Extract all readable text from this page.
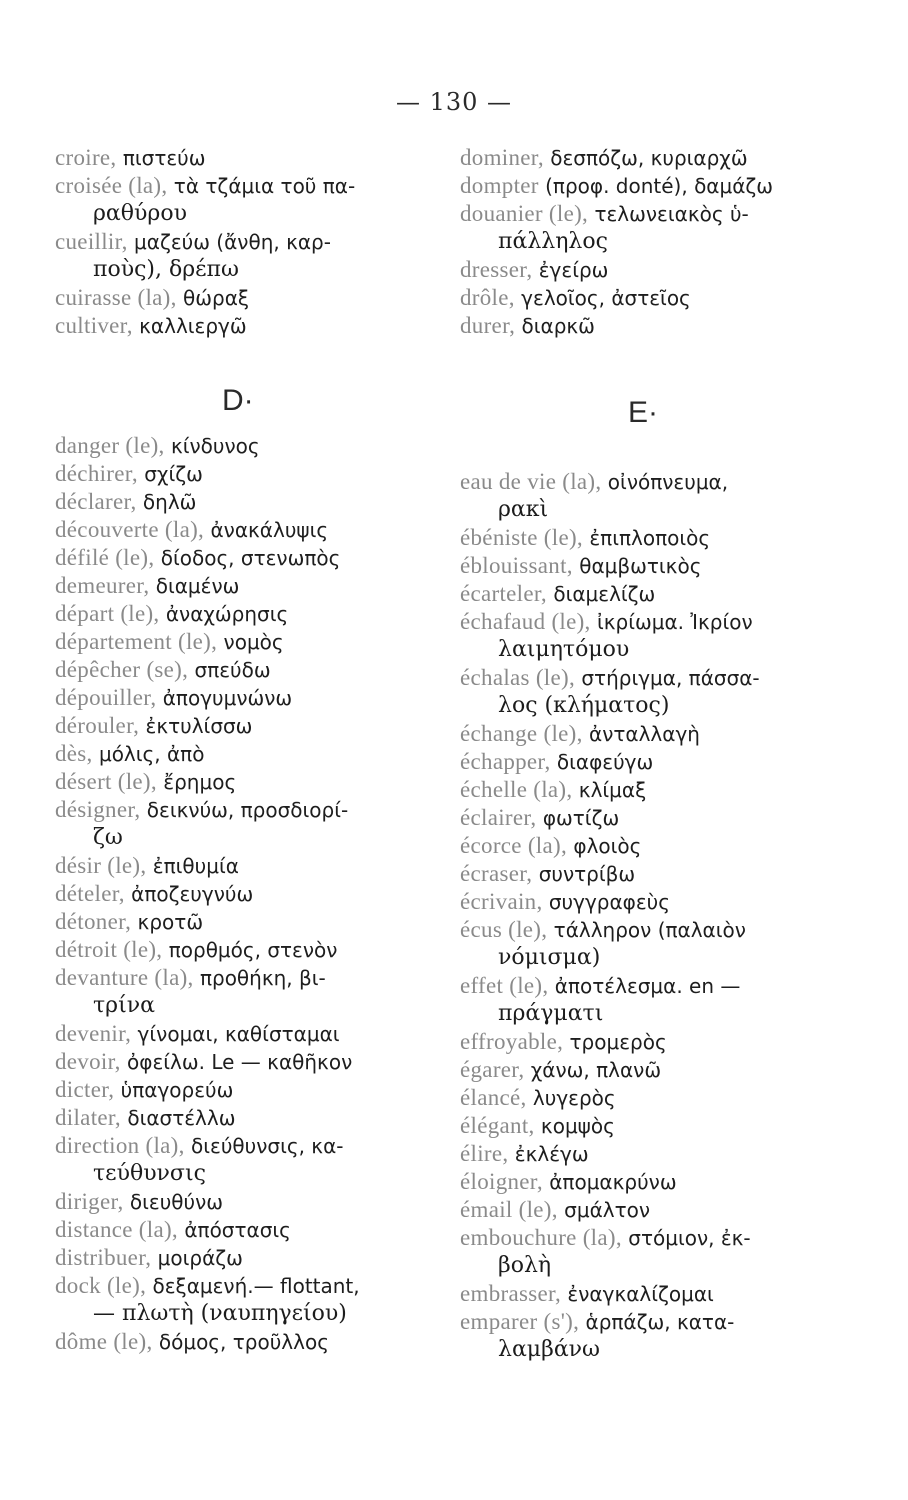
— 130 —
croire, πιστεύω
croisée (la), τὰ τζάμια τοῦ πα-
ραθύρου
cueillir, μαζεύω (ἄνθη, καρ-
ποὺς), δρέπω
cuirasse (la), θώραξ
cultiver, καλλιεργῶ
D·
danger (le), κίνδυνος
déchirer, σχίζω
déclarer, δηλῶ
découverte (la), ἀνακάλυψις
défilé (le), δίοδος, στενωπὸς
demeurer, διαμένω
départ (le), ἀναχώρησις
département (le), νομὸς
dépêcher (se), σπεύδω
dépouiller, ἀπογυμνώνω
dérouler, ἐκτυλίσσω
dès, μόλις, ἀπὸ
désert (le), ἔρημος
désigner, δεικνύω, προσδιορί-
ζω
désir (le), ἐπιθυμία
dételer, ἀποζευγνύω
détoner, κροτῶ
détroit (le), πορθμός, στενὸν
devanture (la), προθήκη, βι-
τρίνα
devenir, γίνομαι, καθίσταμαι
devoir, ὀφείλω. Le — καθῆκον
dicter, ὑπαγορεύω
dilater, διαστέλλω
direction (la), διεύθυνσις, κα-
τεύθυνσις
diriger, διευθύνω
distance (la), ἀπόστασις
distribuer, μοιράζω
dock (le), δεξαμενή.— flottant,
— πλωτὴ (ναυπηγείου)
dôme (le), δόμος, τροῦλλος
dominer, δεσπόζω, κυριαρχῶ
dompter (προφ. donté), δαμάζω
douanier (le), τελωνειακὸς ὑ-
πάλληλος
dresser, ἐγείρω
drôle, γελοῖος, ἀστεῖος
durer, διαρκῶ
E·
eau de vie (la), οἰνόπνευμα,
ρακὶ
ébéniste (le), ἐπιπλοποιὸς
éblouissant, θαμβωτικὸς
écarteler, διαμελίζω
échafaud (le), ἰκρίωμα. Ἰκρίον
λαιμητόμου
échalas (le), στήριγμα, πάσσα-
λος (κλήματος)
échange (le), ἀνταλλαγὴ
échapper, διαφεύγω
échelle (la), κλίμαξ
éclairer, φωτίζω
écorce (la), φλοιὸς
écraser, συντρίβω
écrivain, συγγραφεὺς
écus (le), τάλληρον (παλαιὸν
νόμισμα)
effet (le), ἀποτέλεσμα. en —
πράγματι
effroyable, τρομερὸς
égarer, χάνω, πλανῶ
élancé, λυγερὸς
élégant, κομψὸς
élire, ἐκλέγω
éloigner, ἀπομακρύνω
émail (le), σμάλτον
embouchure (la), στόμιον, ἐκ-
βολὴ
embrasser, ἐναγκαλίζομαι
emparer (s'), ἁρπάζω, κατα-
λαμβάνω
